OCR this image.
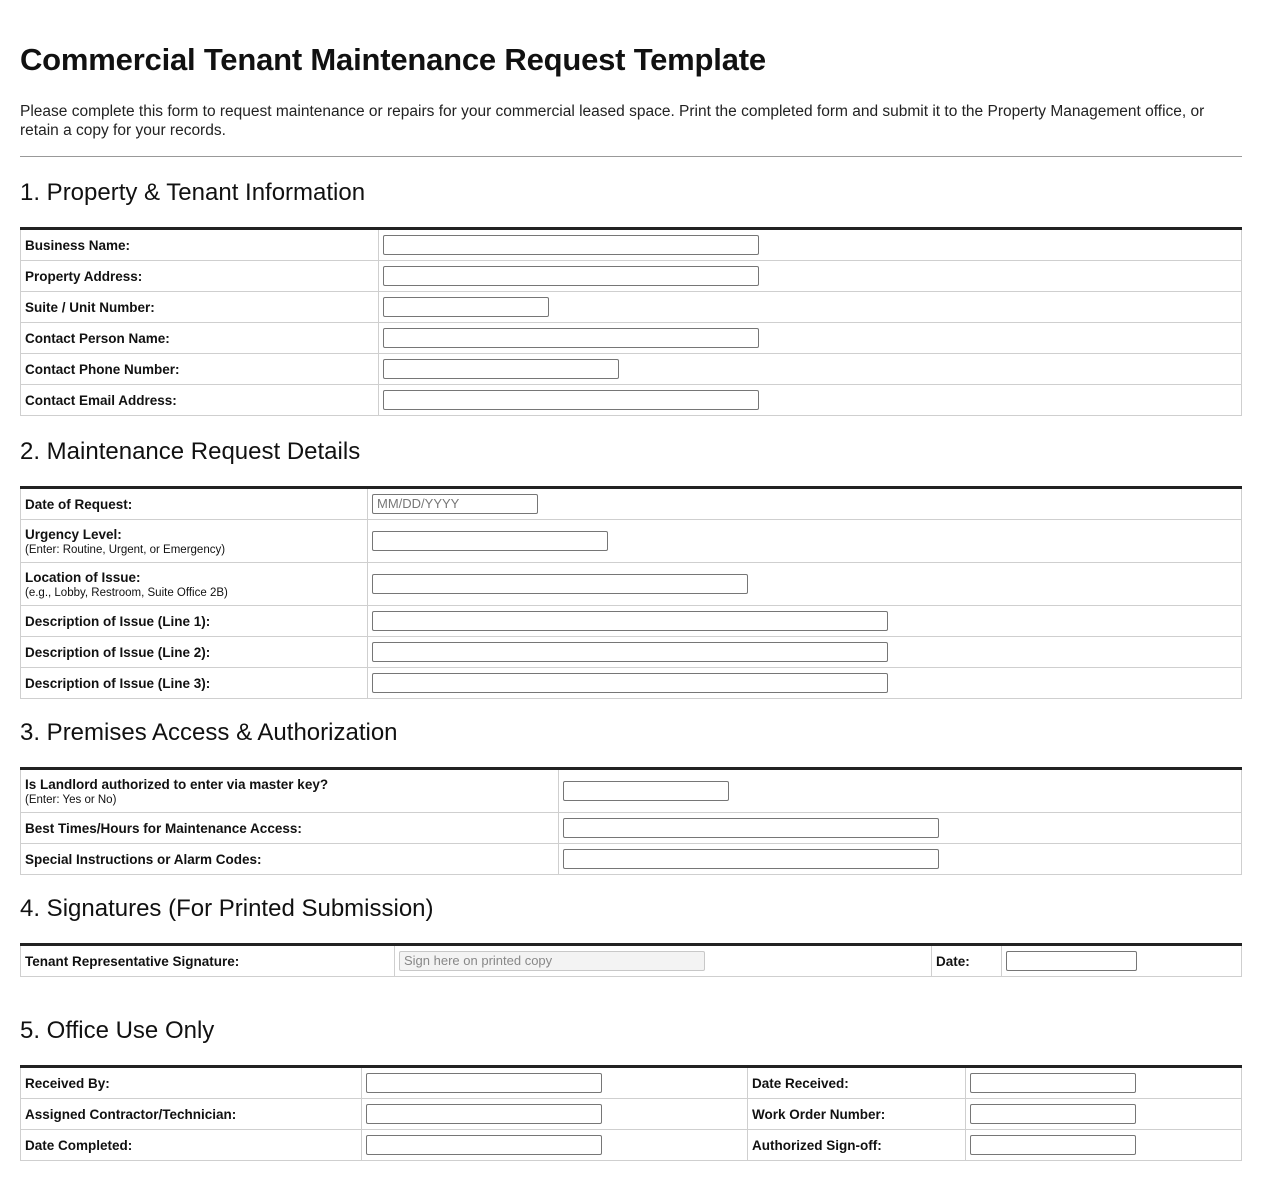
Commercial Tenant Maintenance Request Template
Please complete this form to request maintenance or repairs for your commercial leased space. Print the completed form and submit it to the Property Management office, or retain a copy for your records.
1. Property & Tenant Information
Business Name:	

Property Address:	

Suite / Unit Number:	

Contact Person Name:	

Contact Phone Number:	

Contact Email Address:	
2. Maintenance Request Details
Date of Request:	MM/DD/YYYY

Urgency Level:
(Enter: Routine, Urgent, or Emergency)	

Location of Issue:
(e.g., Lobby, Restroom, Suite Office 2B)	

Description of Issue (Line 1):	

Description of Issue (Line 2):	

Description of Issue (Line 3):	
3. Premises Access & Authorization
Is Landlord authorized to enter via master key?
(Enter: Yes or No)	

Best Times/Hours for Maintenance Access:	

Special Instructions or Alarm Codes:	
4. Signatures (For Printed Submission)
Tenant Representative Signature:	Sign here on printed copy	Date:	
5. Office Use Only
Received By:		Date Received:	

Assigned Contractor/Technician:		Work Order Number:	

Date Completed:		Authorized Sign-off:	
